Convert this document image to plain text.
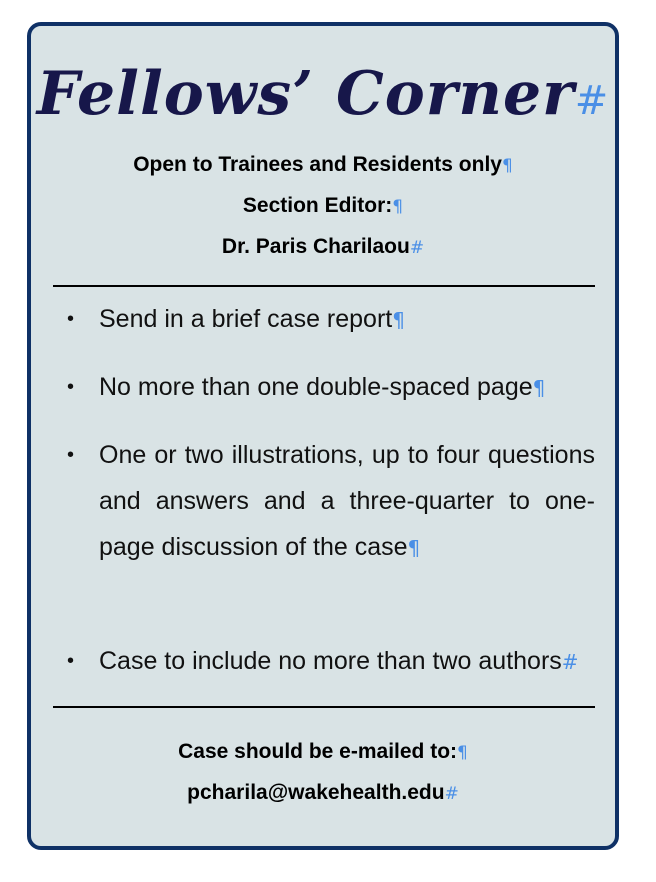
Fellows’ Corner#
Open to Trainees and Residents only¶
Section Editor:¶
Dr. Paris Charilaou#
• Send in a brief case report¶
• No more than one double-spaced page¶
• One or two illustrations, up to four questions and answers and a three-quarter to one-page discussion of the case¶
• Case to include no more than two authors#
Case should be e-mailed to:¶
pcharila@wakehealth.edu#
